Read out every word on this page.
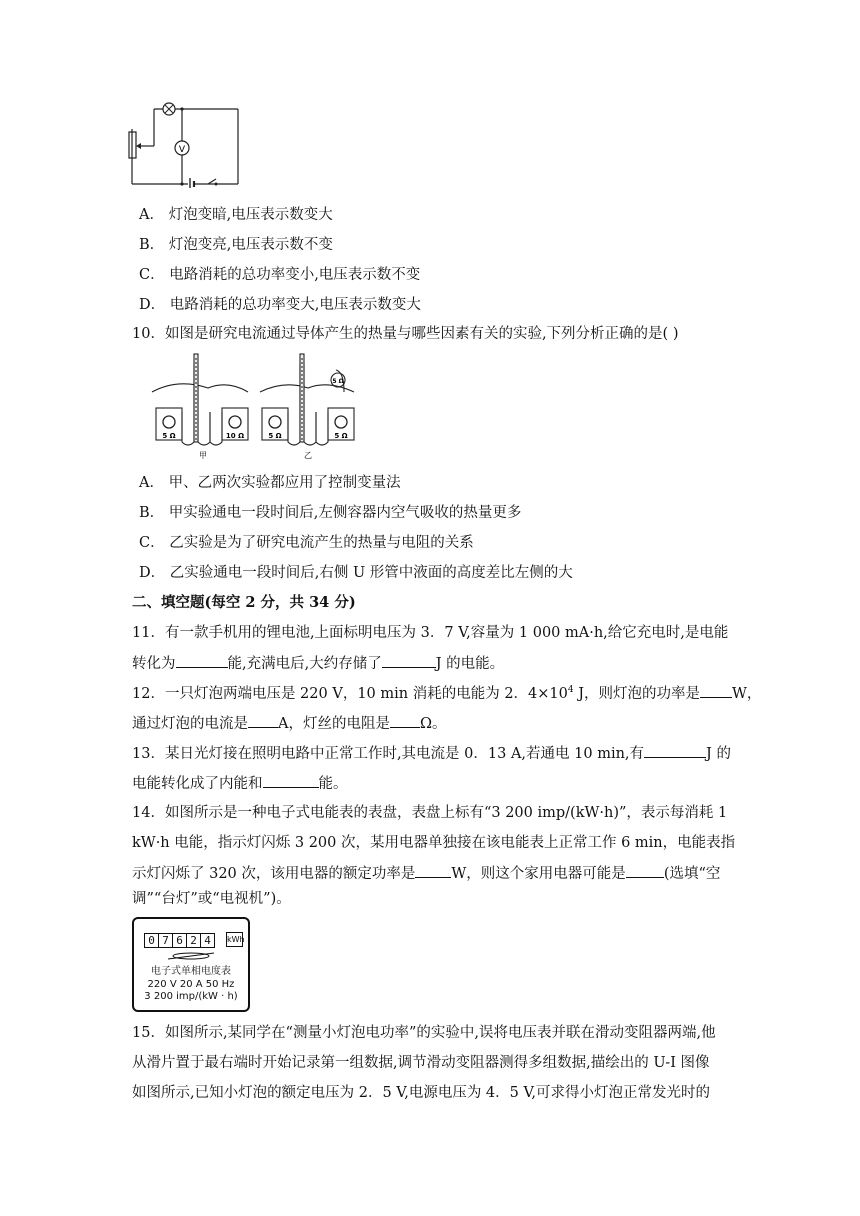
V
A． 灯泡变暗,电压表示数变大
B． 灯泡变亮,电压表示数不变
C． 电路消耗的总功率变小,电压表示数不变
D． 电路消耗的总功率变大,电压表示数变大
10．如图是研究电流通过导体产生的热量与哪些因素有关的实验,下列分析正确的是( )
5 Ω	10 Ω	5 Ω	5 Ω
5 Ω
甲	乙
A． 甲、乙两次实验都应用了控制变量法
B． 甲实验通电一段时间后,左侧容器内空气吸收的热量更多
C． 乙实验是为了研究电流产生的热量与电阻的关系
D． 乙实验通电一段时间后,右侧 U 形管中液面的高度差比左侧的大
二、填空题(每空 2 分，共 34 分)
11．有一款手机用的锂电池,上面标明电压为 3．7 V,容量为 1 000 mA·h,给它充电时,是电能
转化为	能,充满电后,大约存储了	J 的电能。
12．一只灯泡两端电压是 220 V，10 min 消耗的电能为 2．$4\times 10^4$ J，则灯泡的功率是 W，
通过灯泡的电流是 A，灯丝的电阻是 Ω。
13．某日光灯接在照明电路中正常工作时,其电流是 0．13 A,若通电 10 min,有	J 的
电能转化成了内能和	能。
14．如图所示是一种电子式电能表的表盘，表盘上标有“3 200 imp/(kW·h)”，表示每消耗 1
kW·h 电能，指示灯闪烁 3 200 次，某用电器单独接在该电能表上正常工作 6 min，电能表指
示灯闪烁了 320 次，该用电器的额定功率是 W，则这个家用电器可能是	(选填“空
调”“台灯”或“电视机”)。
0 7 6 2 4	kWh
电子式单相电度表
220 V 20 A 50 Hz
3 200 imp/(kW · h)
15．如图所示,某同学在“测量小灯泡电功率”的实验中,误将电压表并联在滑动变阻器两端,他
从滑片置于最右端时开始记录第一组数据,调节滑动变阻器测得多组数据,描绘出的 U-I 图像
如图所示,已知小灯泡的额定电压为 2．5 V,电源电压为 4．5 V,可求得小灯泡正常发光时的
